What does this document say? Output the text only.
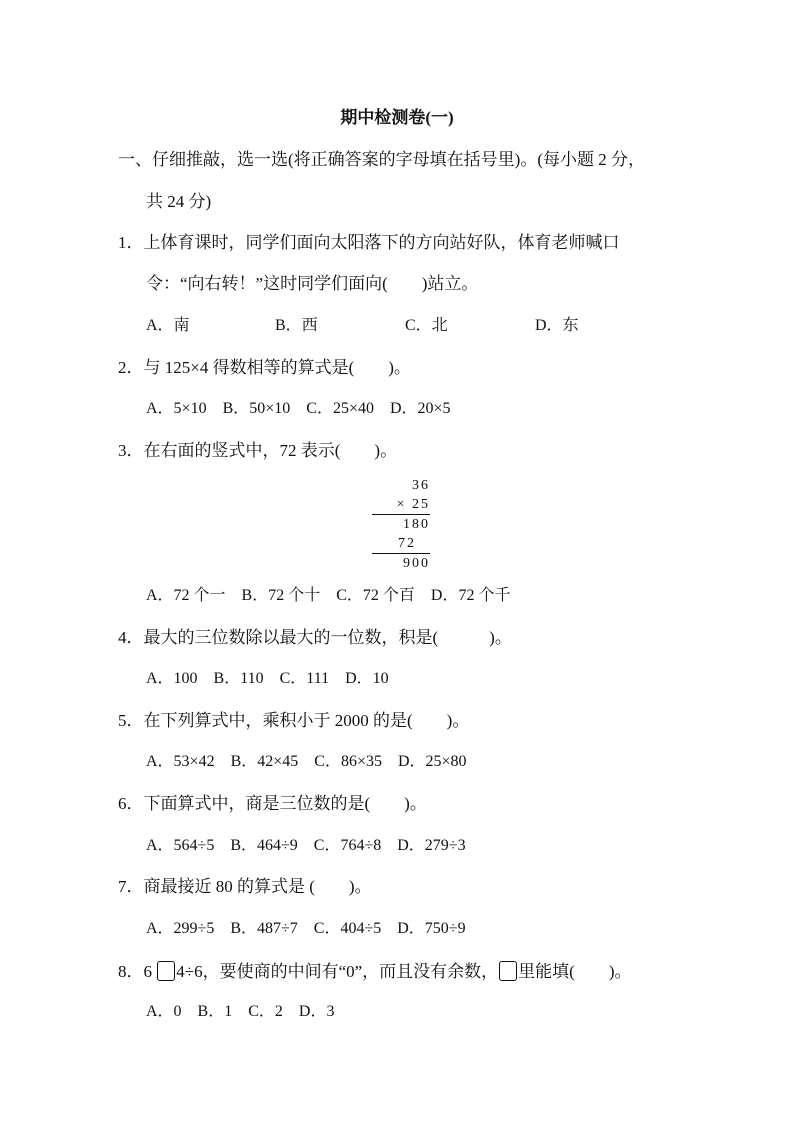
期中检测卷(一)
一、仔细推敲，选一选(将正确答案的字母填在括号里)。(每小题 2 分，
共 24 分)
1．上体育课时，同学们面向太阳落下的方向站好队，体育老师喊口
令：“向右转！”这时同学们面向(　　)站立。
A．南	B．西	C．北	D．东
2．与 125×4 得数相等的算式是(　　)。
A．5×10　B．50×10　C．25×40　D．20×5
3．在右面的竖式中，72 表示(　　)。
36
× 25
180
72
900
A．72 个一　B．72 个十　C．72 个百　D．72 个千
4．最大的三位数除以最大的一位数，积是(　　　)。
A．100　B．110　C．111　D．10
5．在下列算式中，乘积小于 2000 的是(　　)。
A．53×42　B．42×45　C．86×35　D．25×80
6．下面算式中，商是三位数的是(　　)。
A．564÷5　B．464÷9　C．764÷8　D．279÷3
7．商最接近 80 的算式是 (　　)。
A．299÷5　B．487÷7　C．404÷5　D．750÷9
8．6 4÷6，要使商的中间有“0”，而且没有余数， 里能填(　　)。
A．0　B．1　C．2　D．3
